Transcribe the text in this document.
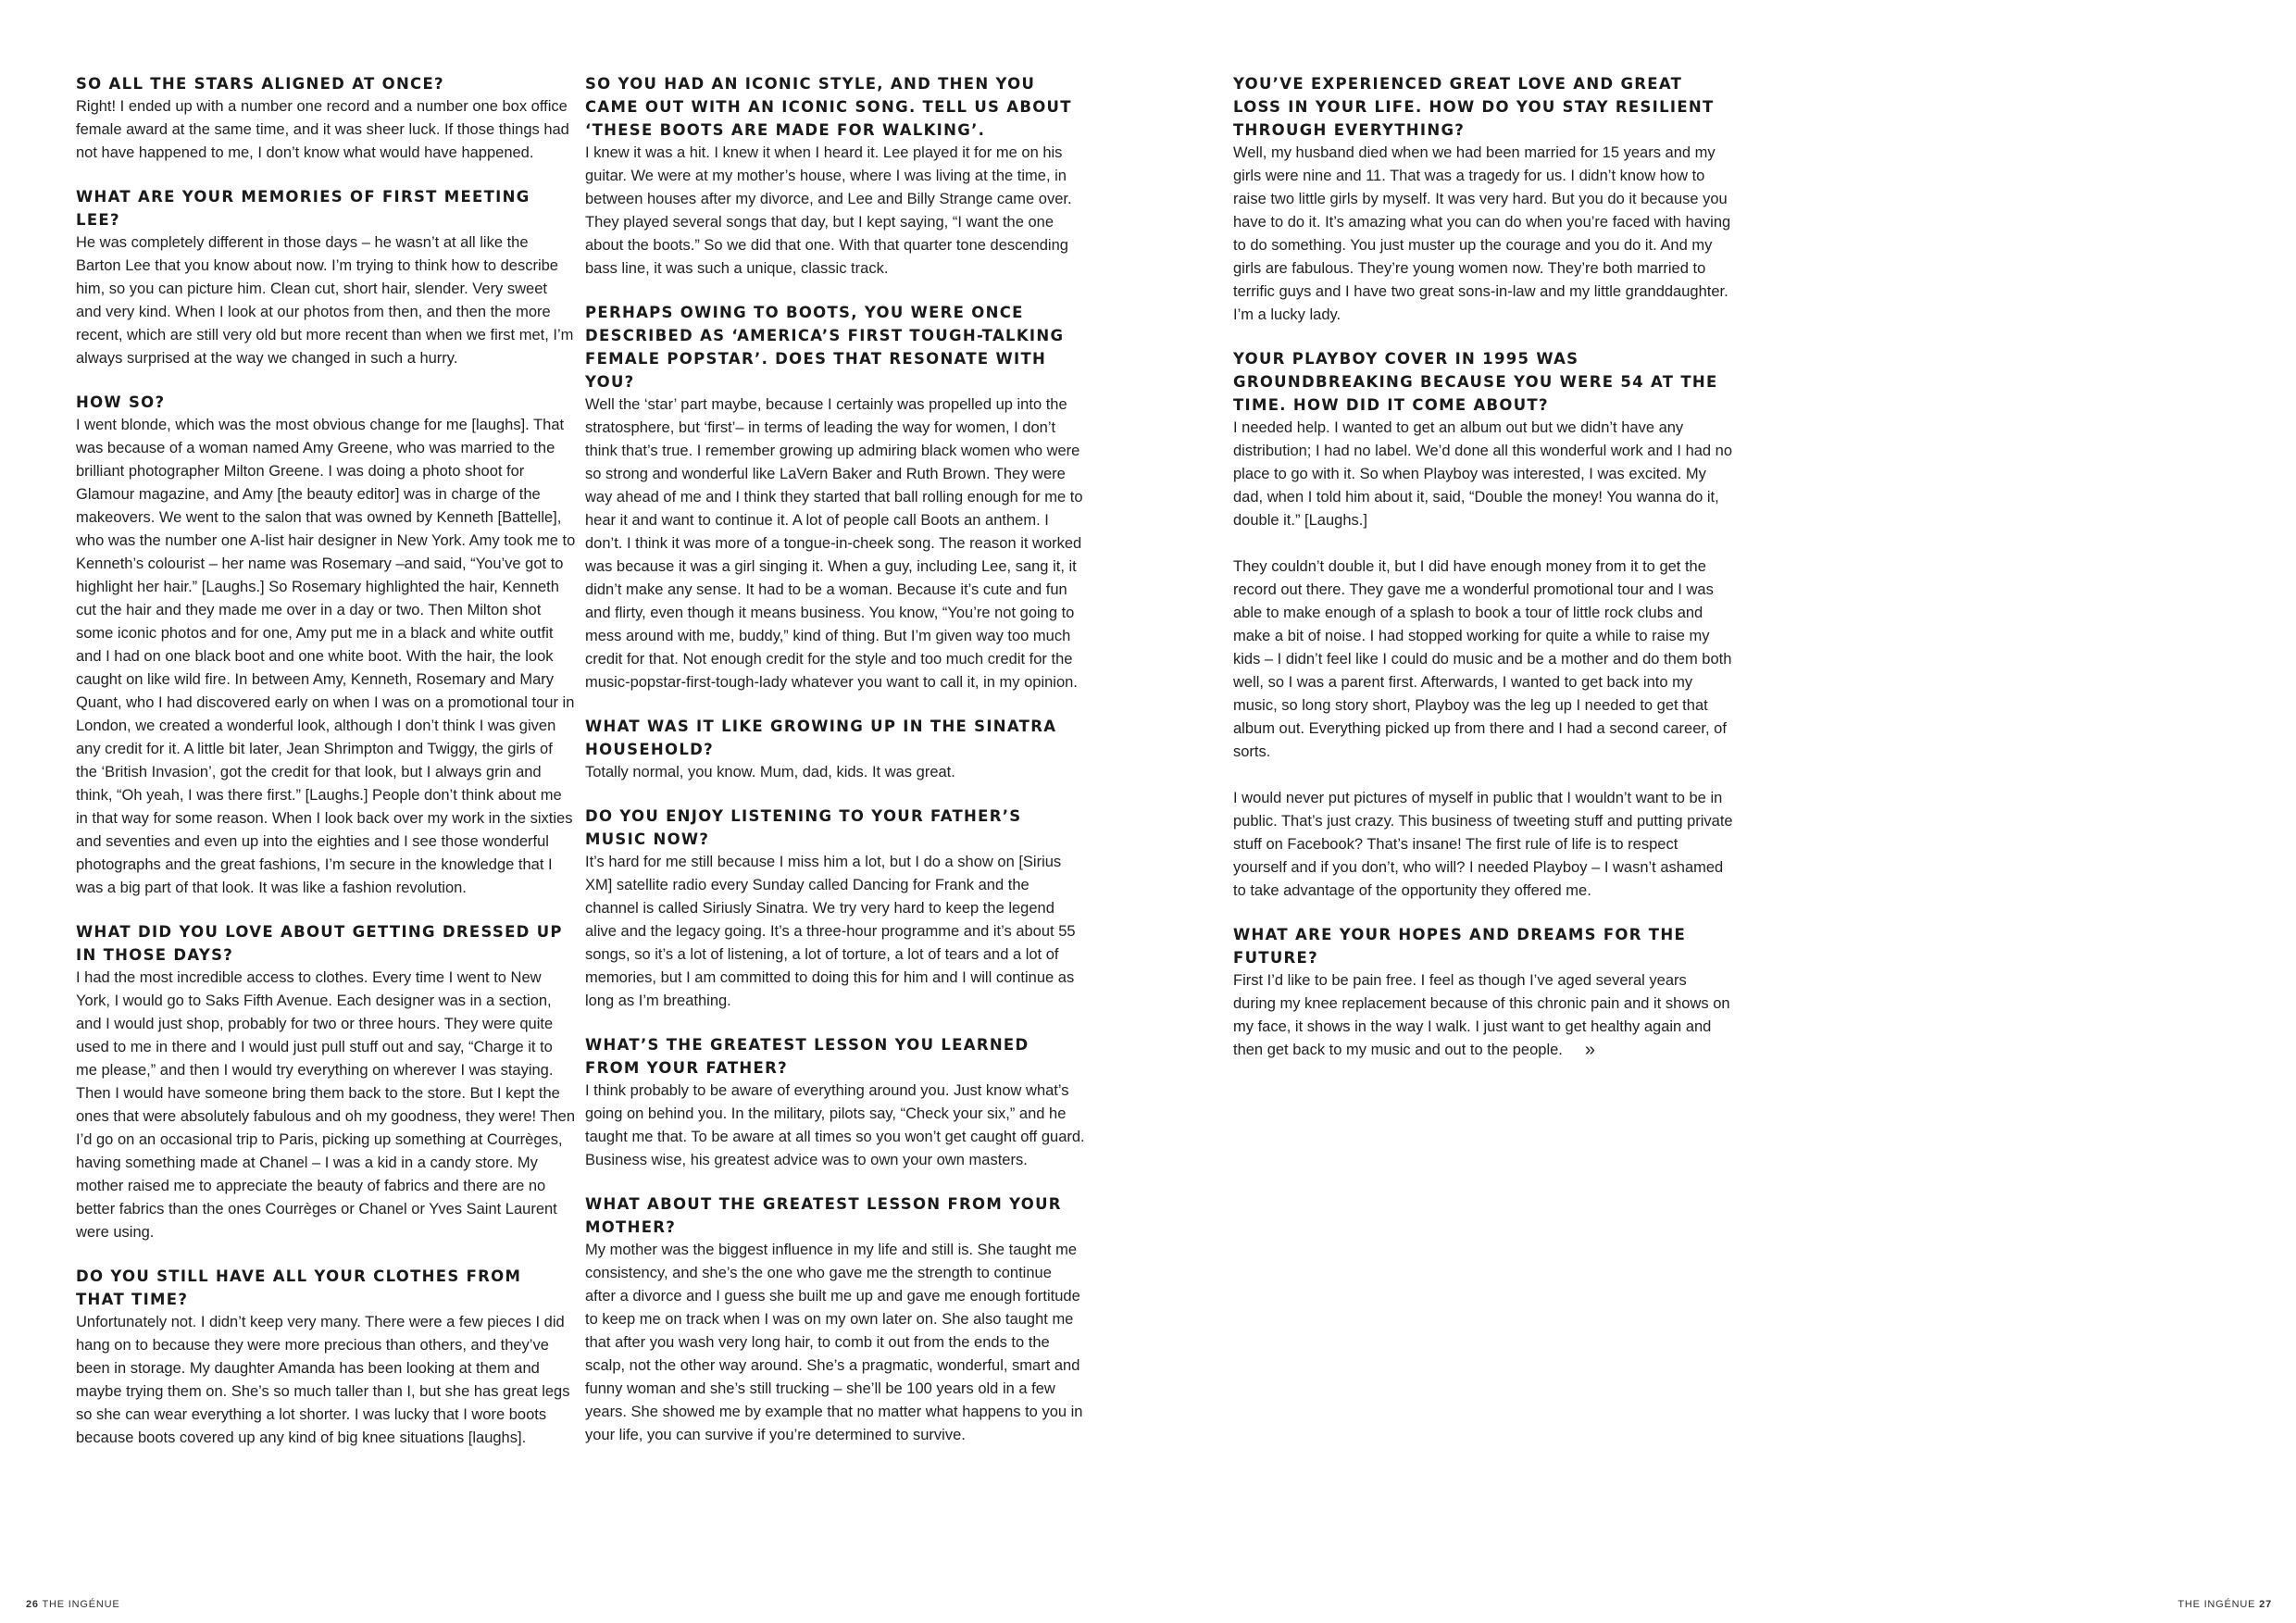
SO ALL THE STARS ALIGNED AT ONCE?

Right! I ended up with a number one record and a number one box office female award at the same time, and it was sheer luck. If those things had not have happened to me, I don’t know what would have happened.

WHAT ARE YOUR MEMORIES OF FIRST MEETING LEE?

He was completely different in those days – he wasn’t at all like the Barton Lee that you know about now. I’m trying to think how to describe him, so you can picture him. Clean cut, short hair, slender. Very sweet and very kind. When I look at our photos from then, and then the more recent, which are still very old but more recent than when we first met, I’m always surprised at the way we changed in such a hurry.

HOW SO?

I went blonde, which was the most obvious change for me [laughs]. That was because of a woman named Amy Greene, who was married to the brilliant photographer Milton Greene. I was doing a photo shoot for Glamour magazine, and Amy [the beauty editor] was in charge of the makeovers. We went to the salon that was owned by Kenneth [Battelle], who was the number one A-list hair designer in New York. Amy took me to Kenneth’s colourist – her name was Rosemary –and said, “You’ve got to highlight her hair.” [Laughs.] So Rosemary highlighted the hair, Kenneth cut the hair and they made me over in a day or two. Then Milton shot some iconic photos and for one, Amy put me in a black and white outfit and I had on one black boot and one white boot. With the hair, the look caught on like wild fire. In between Amy, Kenneth, Rosemary and Mary Quant, who I had discovered early on when I was on a promotional tour in London, we created a wonderful look, although I don’t think I was given any credit for it. A little bit later, Jean Shrimpton and Twiggy, the girls of the ‘British Invasion’, got the credit for that look, but I always grin and think, “Oh yeah, I was there first.” [Laughs.] People don’t think about me in that way for some reason. When I look back over my work in the sixties and seventies and even up into the eighties and I see those wonderful photographs and the great fashions, I’m secure in the knowledge that I was a big part of that look. It was like a fashion revolution.

WHAT DID YOU LOVE ABOUT GETTING DRESSED UP IN THOSE DAYS?

I had the most incredible access to clothes. Every time I went to New York, I would go to Saks Fifth Avenue. Each designer was in a section, and I would just shop, probably for two or three hours. They were quite used to me in there and I would just pull stuff out and say, “Charge it to me please,” and then I would try everything on wherever I was staying. Then I would have someone bring them back to the store. But I kept the ones that were absolutely fabulous and oh my goodness, they were! Then I’d go on an occasional trip to Paris, picking up something at Courrèges, having something made at Chanel – I was a kid in a candy store. My mother raised me to appreciate the beauty of fabrics and there are no better fabrics than the ones Courrèges or Chanel or Yves Saint Laurent were using.

DO YOU STILL HAVE ALL YOUR CLOTHES FROM THAT TIME?

Unfortunately not. I didn’t keep very many. There were a few pieces I did hang on to because they were more precious than others, and they’ve been in storage. My daughter Amanda has been looking at them and maybe trying them on. She’s so much taller than I, but she has great legs so she can wear everything a lot shorter. I was lucky that I wore boots because boots covered up any kind of big knee situations [laughs].

SO YOU HAD AN ICONIC STYLE, AND THEN YOU CAME OUT WITH AN ICONIC SONG. TELL US ABOUT ‘THESE BOOTS ARE MADE FOR WALKING’.

I knew it was a hit. I knew it when I heard it. Lee played it for me on his guitar. We were at my mother’s house, where I was living at the time, in between houses after my divorce, and Lee and Billy Strange came over. They played several songs that day, but I kept saying, “I want the one about the boots.” So we did that one. With that quarter tone descending bass line, it was such a unique, classic track.

PERHAPS OWING TO BOOTS, YOU WERE ONCE DESCRIBED AS ‘AMERICA’S FIRST TOUGH-TALKING FEMALE POPSTAR’. DOES THAT RESONATE WITH YOU?

Well the ‘star’ part maybe, because I certainly was propelled up into the stratosphere, but ‘first’– in terms of leading the way for women, I don’t think that’s true. I remember growing up admiring black women who were so strong and wonderful like LaVern Baker and Ruth Brown. They were way ahead of me and I think they started that ball rolling enough for me to hear it and want to continue it. A lot of people call Boots an anthem. I don’t. I think it was more of a tongue-in-cheek song. The reason it worked was because it was a girl singing it. When a guy, including Lee, sang it, it didn’t make any sense. It had to be a woman. Because it’s cute and fun and flirty, even though it means business. You know, “You’re not going to mess around with me, buddy,” kind of thing. But I’m given way too much credit for that. Not enough credit for the style and too much credit for the music-popstar-first-tough-lady whatever you want to call it, in my opinion.

WHAT WAS IT LIKE GROWING UP IN THE SINATRA HOUSEHOLD?

Totally normal, you know. Mum, dad, kids. It was great.

DO YOU ENJOY LISTENING TO YOUR FATHER’S MUSIC NOW?

It’s hard for me still because I miss him a lot, but I do a show on [Sirius XM] satellite radio every Sunday called Dancing for Frank and the channel is called Siriusly Sinatra. We try very hard to keep the legend alive and the legacy going. It’s a three-hour programme and it’s about 55 songs, so it’s a lot of listening, a lot of torture, a lot of tears and a lot of memories, but I am committed to doing this for him and I will continue as long as I’m breathing.

WHAT’S THE GREATEST LESSON YOU LEARNED FROM YOUR FATHER?

I think probably to be aware of everything around you. Just know what’s going on behind you. In the military, pilots say, “Check your six,” and he taught me that. To be aware at all times so you won’t get caught off guard. Business wise, his greatest advice was to own your own masters.

WHAT ABOUT THE GREATEST LESSON FROM YOUR MOTHER?

My mother was the biggest influence in my life and still is. She taught me consistency, and she’s the one who gave me the strength to continue after a divorce and I guess she built me up and gave me enough fortitude to keep me on track when I was on my own later on. She also taught me that after you wash very long hair, to comb it out from the ends to the scalp, not the other way around. She’s a pragmatic, wonderful, smart and funny woman and she’s still trucking – she’ll be 100 years old in a few years. She showed me by example that no matter what happens to you in your life, you can survive if you’re determined to survive.

YOU’VE EXPERIENCED GREAT LOVE AND GREAT LOSS IN YOUR LIFE. HOW DO YOU STAY RESILIENT THROUGH EVERYTHING?

Well, my husband died when we had been married for 15 years and my girls were nine and 11. That was a tragedy for us. I didn’t know how to raise two little girls by myself. It was very hard. But you do it because you have to do it. It’s amazing what you can do when you’re faced with having to do something. You just muster up the courage and you do it. And my girls are fabulous. They’re young women now. They’re both married to terrific guys and I have two great sons-in-law and my little granddaughter. I’m a lucky lady.

YOUR PLAYBOY COVER IN 1995 WAS GROUNDBREAKING BECAUSE YOU WERE 54 AT THE TIME. HOW DID IT COME ABOUT?

I needed help. I wanted to get an album out but we didn’t have any distribution; I had no label. We’d done all this wonderful work and I had no place to go with it. So when Playboy was interested, I was excited. My dad, when I told him about it, said, “Double the money! You wanna do it, double it.” [Laughs.]

They couldn’t double it, but I did have enough money from it to get the record out there. They gave me a wonderful promotional tour and I was able to make enough of a splash to book a tour of little rock clubs and make a bit of noise. I had stopped working for quite a while to raise my kids – I didn’t feel like I could do music and be a mother and do them both well, so I was a parent first. Afterwards, I wanted to get back into my music, so long story short, Playboy was the leg up I needed to get that album out. Everything picked up from there and I had a second career, of sorts.

I would never put pictures of myself in public that I wouldn’t want to be in public. That’s just crazy. This business of tweeting stuff and putting private stuff on Facebook? That’s insane! The first rule of life is to respect yourself and if you don’t, who will? I needed Playboy – I wasn’t ashamed to take advantage of the opportunity they offered me.

WHAT ARE YOUR HOPES AND DREAMS FOR THE FUTURE?

First I’d like to be pain free. I feel as though I’ve aged several years during my knee replacement because of this chronic pain and it shows on my face, it shows in the way I walk. I just want to get healthy again and then get back to my music and out to the people. »

26 THE INGÉNUE	THE INGÉNUE 27
